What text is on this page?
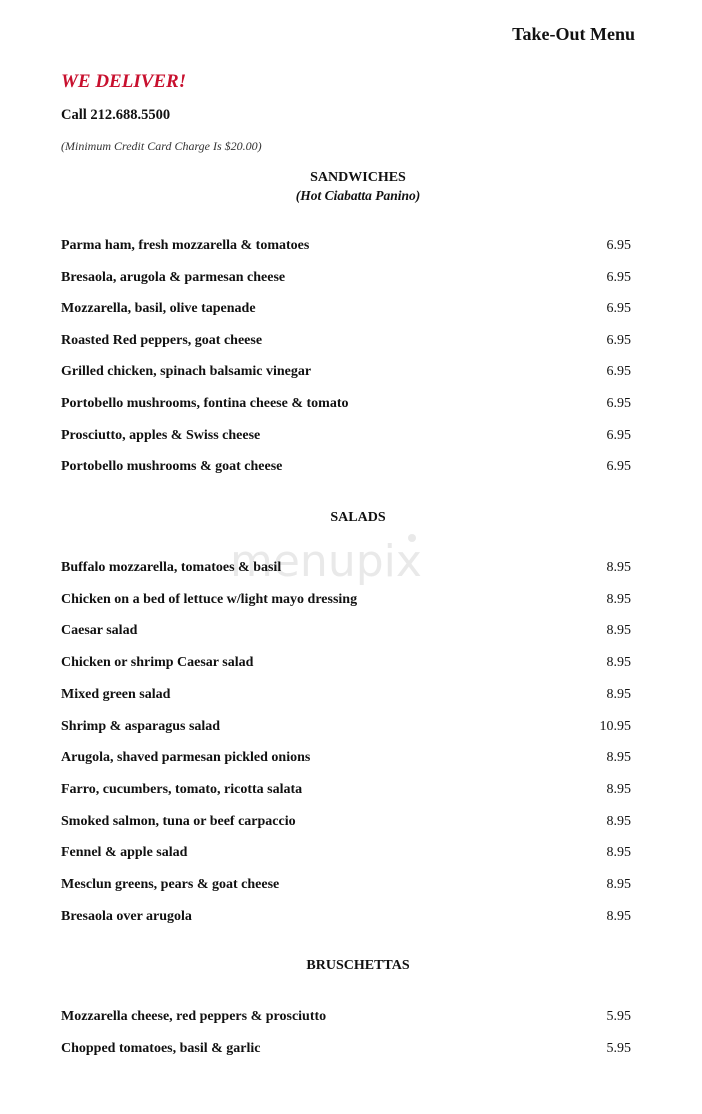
Take-Out Menu
WE DELIVER!
Call 212.688.5500
(Minimum Credit Card Charge Is $20.00)
menupix
SANDWICHES
(Hot Ciabatta Panino)
Parma ham, fresh mozzarella & tomatoes	6.95
Bresaola, arugola & parmesan cheese	6.95
Mozzarella, basil, olive tapenade	6.95
Roasted Red peppers, goat cheese	6.95
Grilled chicken, spinach balsamic vinegar	6.95
Portobello mushrooms, fontina cheese & tomato	6.95
Prosciutto, apples & Swiss cheese	6.95
Portobello mushrooms & goat cheese	6.95
SALADS
Buffalo mozzarella, tomatoes & basil	8.95
Chicken on a bed of lettuce w/light mayo dressing	8.95
Caesar salad	8.95
Chicken or shrimp Caesar salad	8.95
Mixed green salad	8.95
Shrimp & asparagus salad	10.95
Arugola, shaved parmesan pickled onions	8.95
Farro, cucumbers, tomato, ricotta salata	8.95
Smoked salmon, tuna or beef carpaccio	8.95
Fennel & apple salad	8.95
Mesclun greens, pears & goat cheese	8.95
Bresaola over arugola	8.95
BRUSCHETTAS
Mozzarella cheese, red peppers & prosciutto	5.95
Chopped tomatoes, basil & garlic	5.95
